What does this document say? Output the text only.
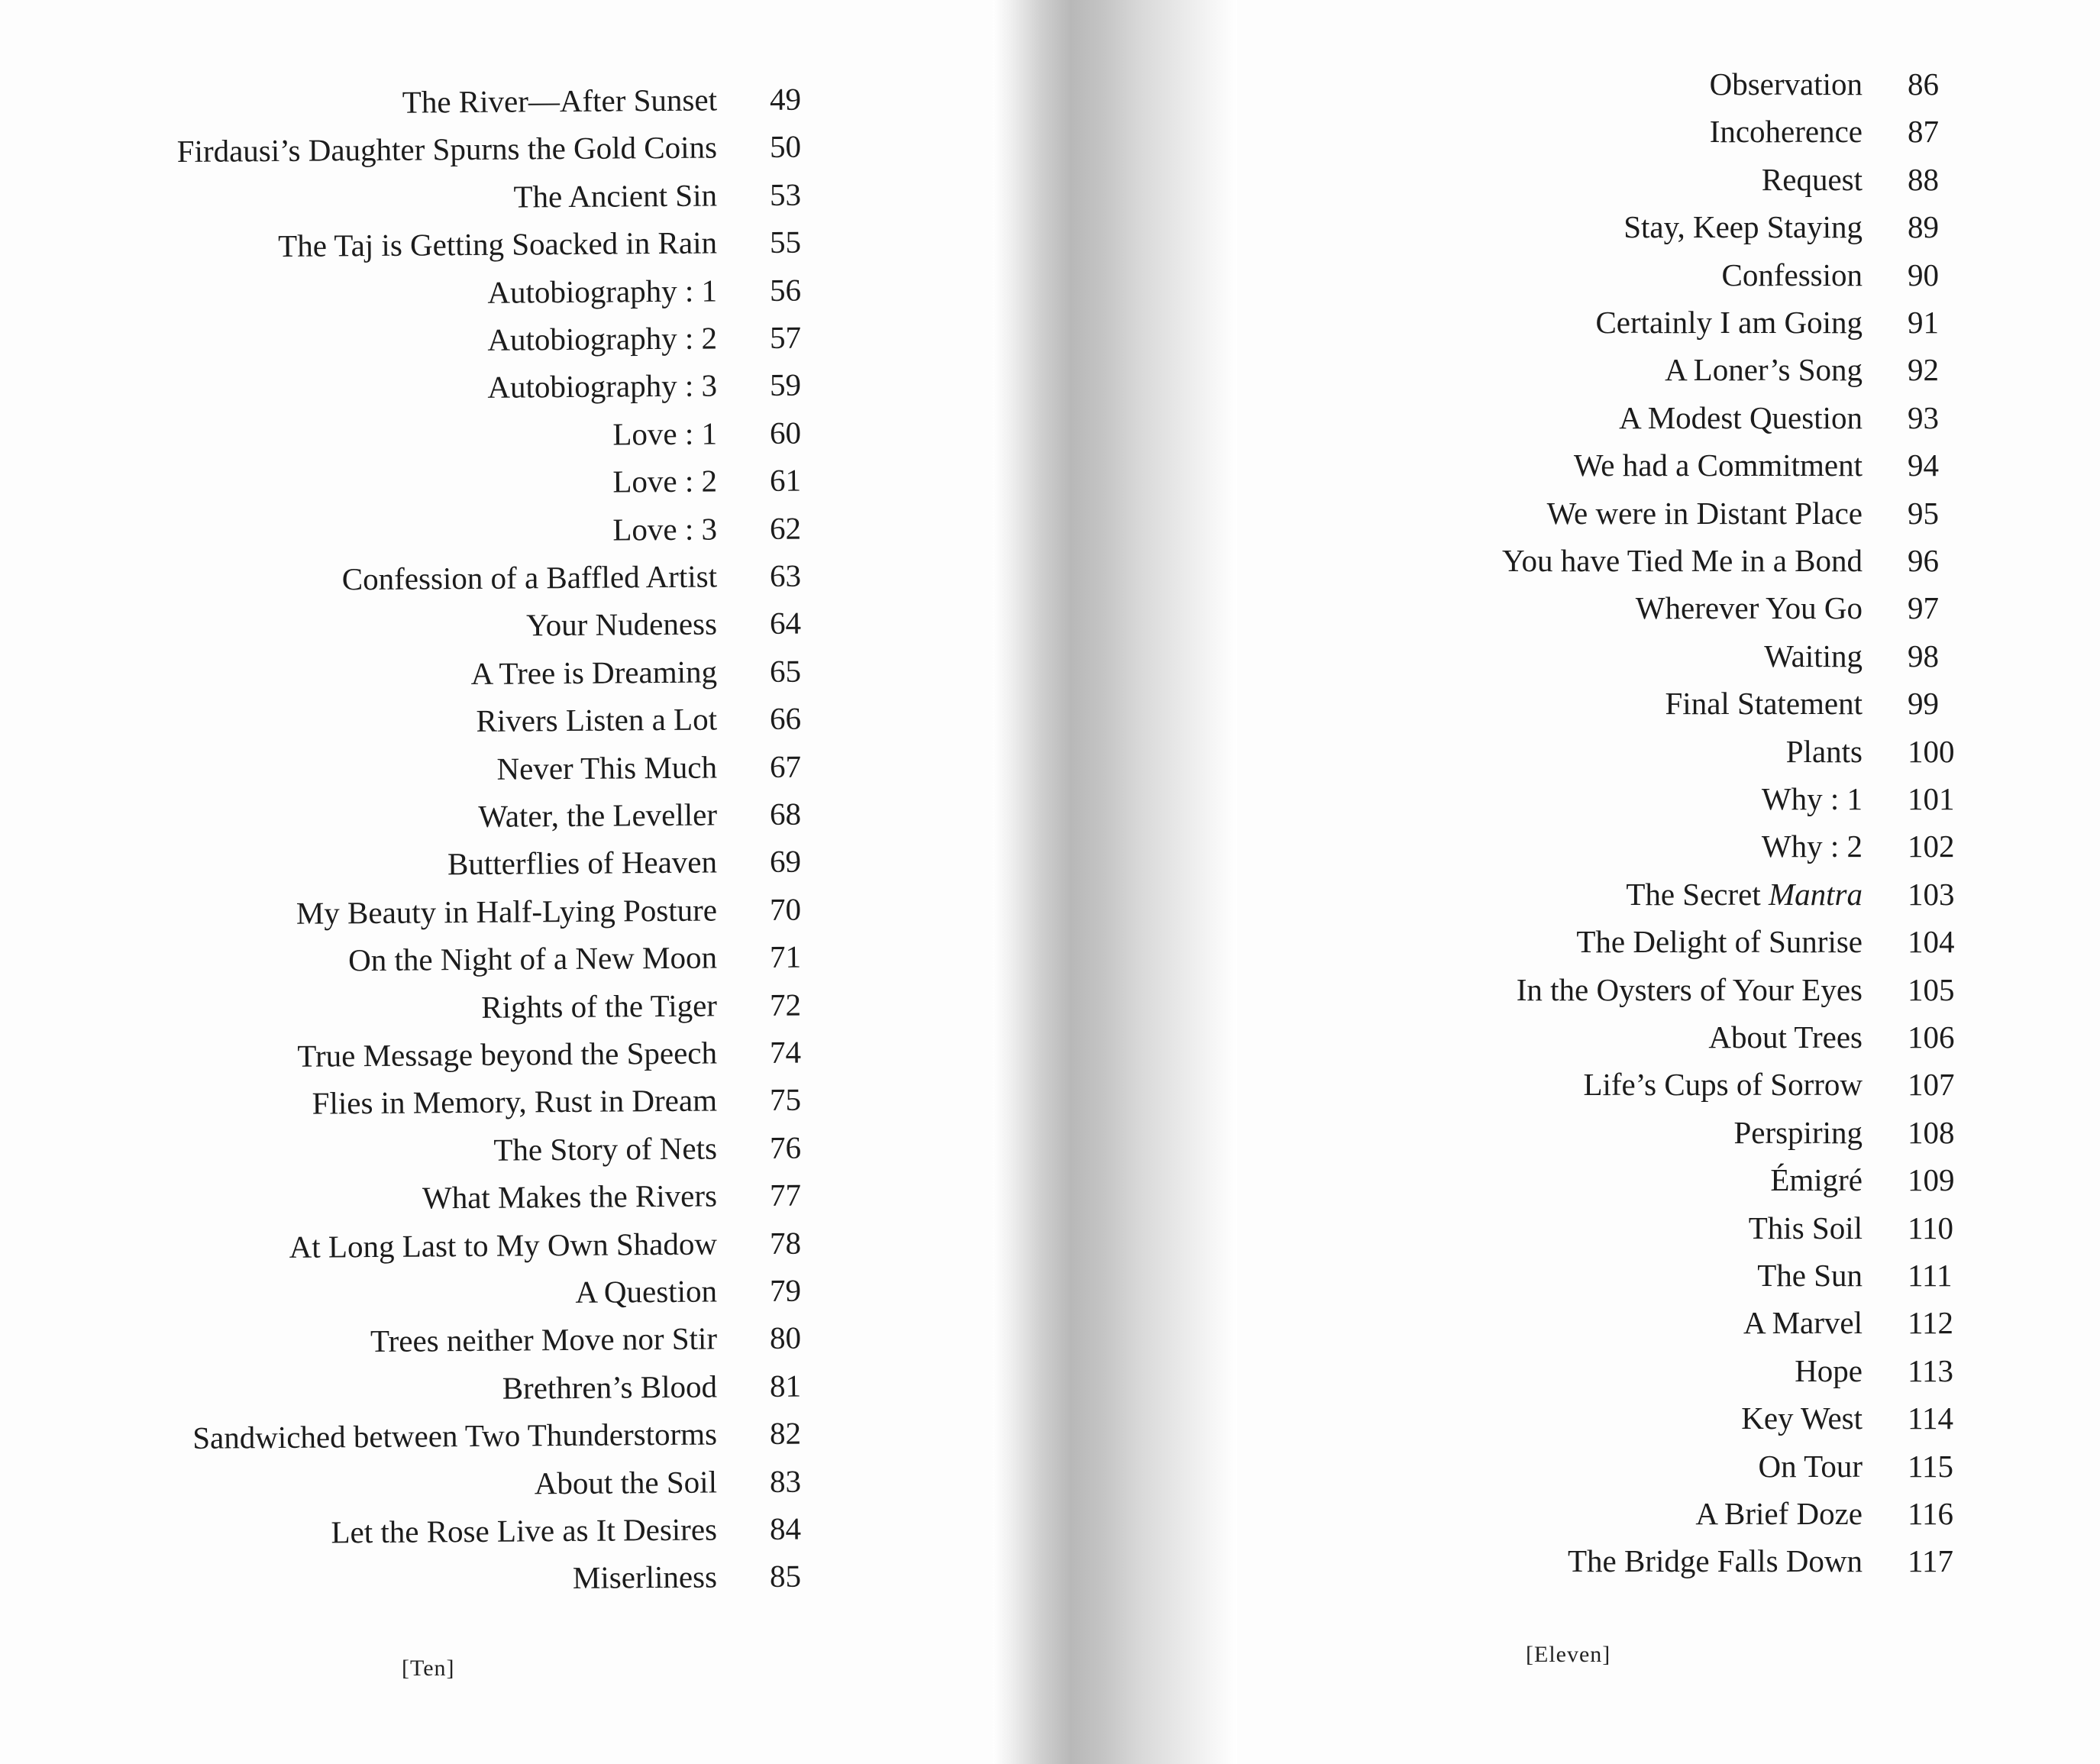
The River—After Sunset	49
Firdausi’s Daughter Spurns the Gold Coins	50
The Ancient Sin	53
The Taj is Getting Soacked in Rain	55
Autobiography : 1	56
Autobiography : 2	57
Autobiography : 3	59
Love : 1	60
Love : 2	61
Love : 3	62
Confession of a Baffled Artist	63
Your Nudeness	64
A Tree is Dreaming	65
Rivers Listen a Lot	66
Never This Much	67
Water, the Leveller	68
Butterflies of Heaven	69
My Beauty in Half-Lying Posture	70
On the Night of a New Moon	71
Rights of the Tiger	72
True Message beyond the Speech	74
Flies in Memory, Rust in Dream	75
The Story of Nets	76
What Makes the Rivers	77
At Long Last to My Own Shadow	78
A Question	79
Trees neither Move nor Stir	80
Brethren’s Blood	81
Sandwiched between Two Thunderstorms	82
About the Soil	83
Let the Rose Live as It Desires	84
Miserliness	85
[Ten]
Observation	86
Incoherence	87
Request	88
Stay, Keep Staying	89
Confession	90
Certainly I am Going	91
A Loner’s Song	92
A Modest Question	93
We had a Commitment	94
We were in Distant Place	95
You have Tied Me in a Bond	96
Wherever You Go	97
Waiting	98
Final Statement	99
Plants	100
Why : 1	101
Why : 2	102
The Secret Mantra	103
The Delight of Sunrise	104
In the Oysters of Your Eyes	105
About Trees	106
Life’s Cups of Sorrow	107
Perspiring	108
Émigré	109
This Soil	110
The Sun	111
A Marvel	112
Hope	113
Key West	114
On Tour	115
A Brief Doze	116
The Bridge Falls Down	117
[Eleven]
